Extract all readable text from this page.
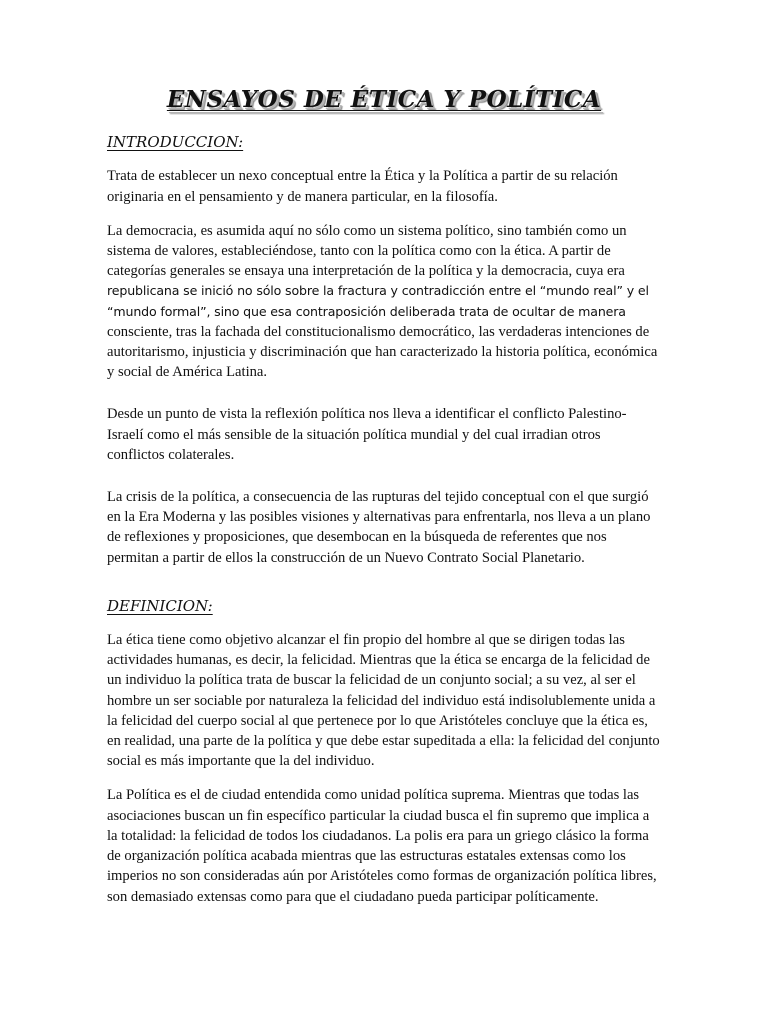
ENSAYOS DE ÉTICA Y POLÍTICA
INTRODUCCION:

Trata de establecer un nexo conceptual entre la Ética y la Política a partir de su relación originaria en el pensamiento y de manera particular, en la filosofía.

La democracia, es asumida aquí no sólo como un sistema político, sino también como un sistema de valores, estableciéndose, tanto con la política como con la ética. A partir de categorías generales se ensaya una interpretación de la política y la democracia, cuya era republicana se inició no sólo sobre la fractura y contradicción entre el “mundo real” y el “mundo formal”, sino que esa contraposición deliberada trata de ocultar de manera consciente, tras la fachada del constitucionalismo democrático, las verdaderas intenciones de autoritarismo, injusticia y discriminación que han caracterizado la historia política, económica y social de América Latina.

Desde un punto de vista la reflexión política nos lleva a identificar el conflicto Palestino-Israelí como el más sensible de la situación política mundial y del cual irradian otros conflictos colaterales.

La crisis de la política, a consecuencia de las rupturas del tejido conceptual con el que surgió en la Era Moderna y las posibles visiones y alternativas para enfrentarla, nos lleva a un plano de reflexiones y proposiciones, que desembocan en la búsqueda de referentes que nos permitan a partir de ellos la construcción de un Nuevo Contrato Social Planetario.

DEFINICION:

La ética tiene como objetivo alcanzar el fin propio del hombre al que se dirigen todas las actividades humanas, es decir, la felicidad. Mientras que la ética se encarga de la felicidad de un individuo la política trata de buscar la felicidad de un conjunto social; a su vez, al ser el hombre un ser sociable por naturaleza la felicidad del individuo está indisolublemente unida a la felicidad del cuerpo social al que pertenece por lo que Aristóteles concluye que la ética es, en realidad, una parte de la política y que debe estar supeditada a ella: la felicidad del conjunto social es más importante que la del individuo.

La Política es el de ciudad entendida como unidad política suprema. Mientras que todas las asociaciones buscan un fin específico particular la ciudad busca el fin supremo que implica a la totalidad: la felicidad de todos los ciudadanos. La polis era para un griego clásico la forma de organización política acabada mientras que las estructuras estatales extensas como los imperios no son consideradas aún por Aristóteles como formas de organización política libres, son demasiado extensas como para que el ciudadano pueda participar políticamente.
